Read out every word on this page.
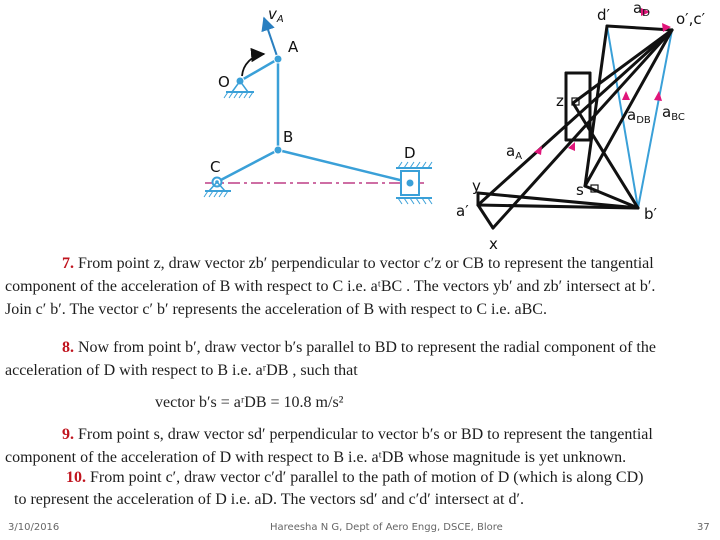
$v_A$
A
O
B
C
D
d′ $a_D$ o′,c′
z
$a_{DB}$ $a_{BC}$
$a_A$
y	s
a′	b′
x
7. From point z, draw vector zb′ perpendicular to vector c′z or CB to represent the tangential
component of the acceleration of B with respect to C i.e. aᵗBC . The vectors yb′ and zb′ intersect at b′.
Join c′ b′. The vector c′ b′ represents the acceleration of B with respect to C i.e. aBC.
8. Now from point b′, draw vector b′s parallel to BD to represent the radial component of the
acceleration of D with respect to B i.e. aʳDB , such that
vector b′s = aʳDB = 10.8 m/s²
9. From point s, draw vector sd′ perpendicular to vector b′s or BD to represent the tangential
component of the acceleration of D with respect to B i.e. aᵗDB whose magnitude is yet unknown.
10. From point c′, draw vector c′d′ parallel to the path of motion of D (which is along CD)
to represent the acceleration of D i.e. aD. The vectors sd′ and c′d′ intersect at d′.
3/10/2016	Hareesha N G, Dept of Aero Engg, DSCE, Blore	37
